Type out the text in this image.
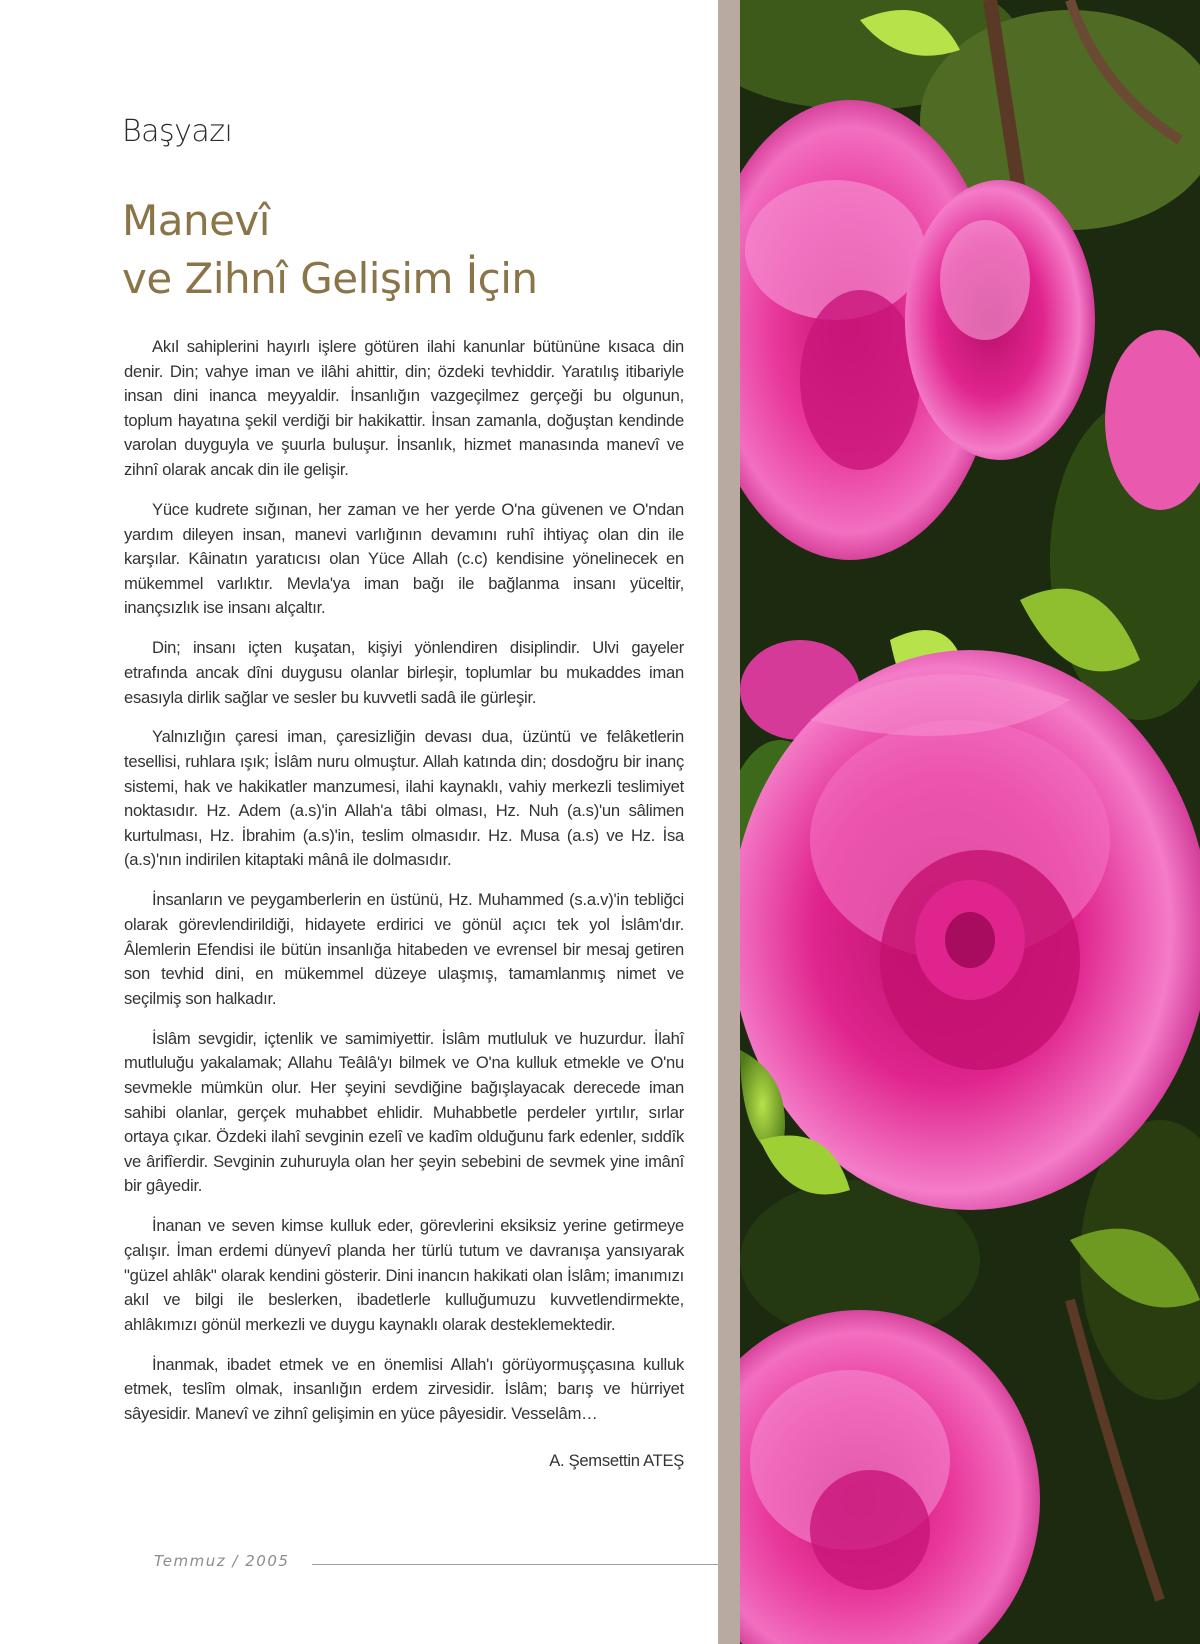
Başyazı
Manevî
ve Zihnî Gelişim İçin

Akıl sahiplerini hayırlı işlere götüren ilahi kanunlar bütününe kısaca din denir. Din; vahye iman ve ilâhi ahittir, din; özdeki tevhiddir. Yaratılış itibariyle insan dini inanca meyyaldir. İnsanlığın vazgeçilmez gerçeği bu olgunun, toplum hayatına şekil verdiği bir hakikattir. İnsan zamanla, doğuştan kendinde varolan duyguyla ve şuurla buluşur. İnsanlık, hizmet manasında manevî ve zihnî olarak ancak din ile gelişir.

Yüce kudrete sığınan, her zaman ve her yerde O'na güvenen ve O'ndan yardım dileyen insan, manevi varlığının devamını ruhî ihtiyaç olan din ile karşılar. Kâinatın yaratıcısı olan Yüce Allah (c.c) kendisine yönelinecek en mükemmel varlıktır. Mevla'ya iman bağı ile bağlanma insanı yüceltir, inançsızlık ise insanı alçaltır.

Din; insanı içten kuşatan, kişiyi yönlendiren disiplindir. Ulvi gayeler etrafında ancak dîni duygusu olanlar birleşir, toplumlar bu mukaddes iman esasıyla dirlik sağlar ve sesler bu kuvvetli sadâ ile gürleşir.

Yalnızlığın çaresi iman, çaresizliğin devası dua, üzüntü ve felâketlerin tesellisi, ruhlara ışık; İslâm nuru olmuştur. Allah katında din; dosdoğru bir inanç sistemi, hak ve hakikatler manzumesi, ilahi kaynaklı, vahiy merkezli teslimiyet noktasıdır. Hz. Adem (a.s)'in Allah'a tâbi olması, Hz. Nuh (a.s)'un sâlimen kurtulması, Hz. İbrahim (a.s)'in, teslim olmasıdır. Hz. Musa (a.s) ve Hz. İsa (a.s)'nın indirilen kitaptaki mânâ ile dolmasıdır.

İnsanların ve peygamberlerin en üstünü, Hz. Muhammed (s.a.v)'in tebliğci olarak görevlendirildiği, hidayete erdirici ve gönül açıcı tek yol İslâm'dır. Âlemlerin Efendisi ile bütün insanlığa hitabeden ve evrensel bir mesaj getiren son tevhid dini, en mükemmel düzeye ulaşmış, tamamlanmış nimet ve seçilmiş son halkadır.

İslâm sevgidir, içtenlik ve samimiyettir. İslâm mutluluk ve huzurdur. İlahî mutluluğu yakalamak; Allahu Teâlâ'yı bilmek ve O'na kulluk etmekle ve O'nu sevmekle mümkün olur. Her şeyini sevdiğine bağışlayacak derecede iman sahibi olanlar, gerçek muhabbet ehlidir. Muhabbetle perdeler yırtılır, sırlar ortaya çıkar. Özdeki ilahî sevginin ezelî ve kadîm olduğunu fark edenler, sıddîk ve ârifîerdir. Sevginin zuhuruyla olan her şeyin sebebini de sevmek yine imânî bir gâyedir.

İnanan ve seven kimse kulluk eder, görevlerini eksiksiz yerine getirmeye çalışır. İman erdemi dünyevî planda her türlü tutum ve davranışa yansıyarak "güzel ahlâk" olarak kendini gösterir. Dini inancın hakikati olan İslâm; imanımızı akıl ve bilgi ile beslerken, ibadetlerle kulluğumuzu kuvvetlendirmekte, ahlâkımızı gönül merkezli ve duygu kaynaklı olarak desteklemektedir.

İnanmak, ibadet etmek ve en önemlisi Allah'ı görüyormuşçasına kulluk etmek, teslîm olmak, insanlığın erdem zirvesidir. İslâm; barış ve hürriyet sâyesidir. Manevî ve zihnî gelişimin en yüce pâyesidir. Vesselâm…

A. Şemsettin ATEŞ
Temmuz / 2005
